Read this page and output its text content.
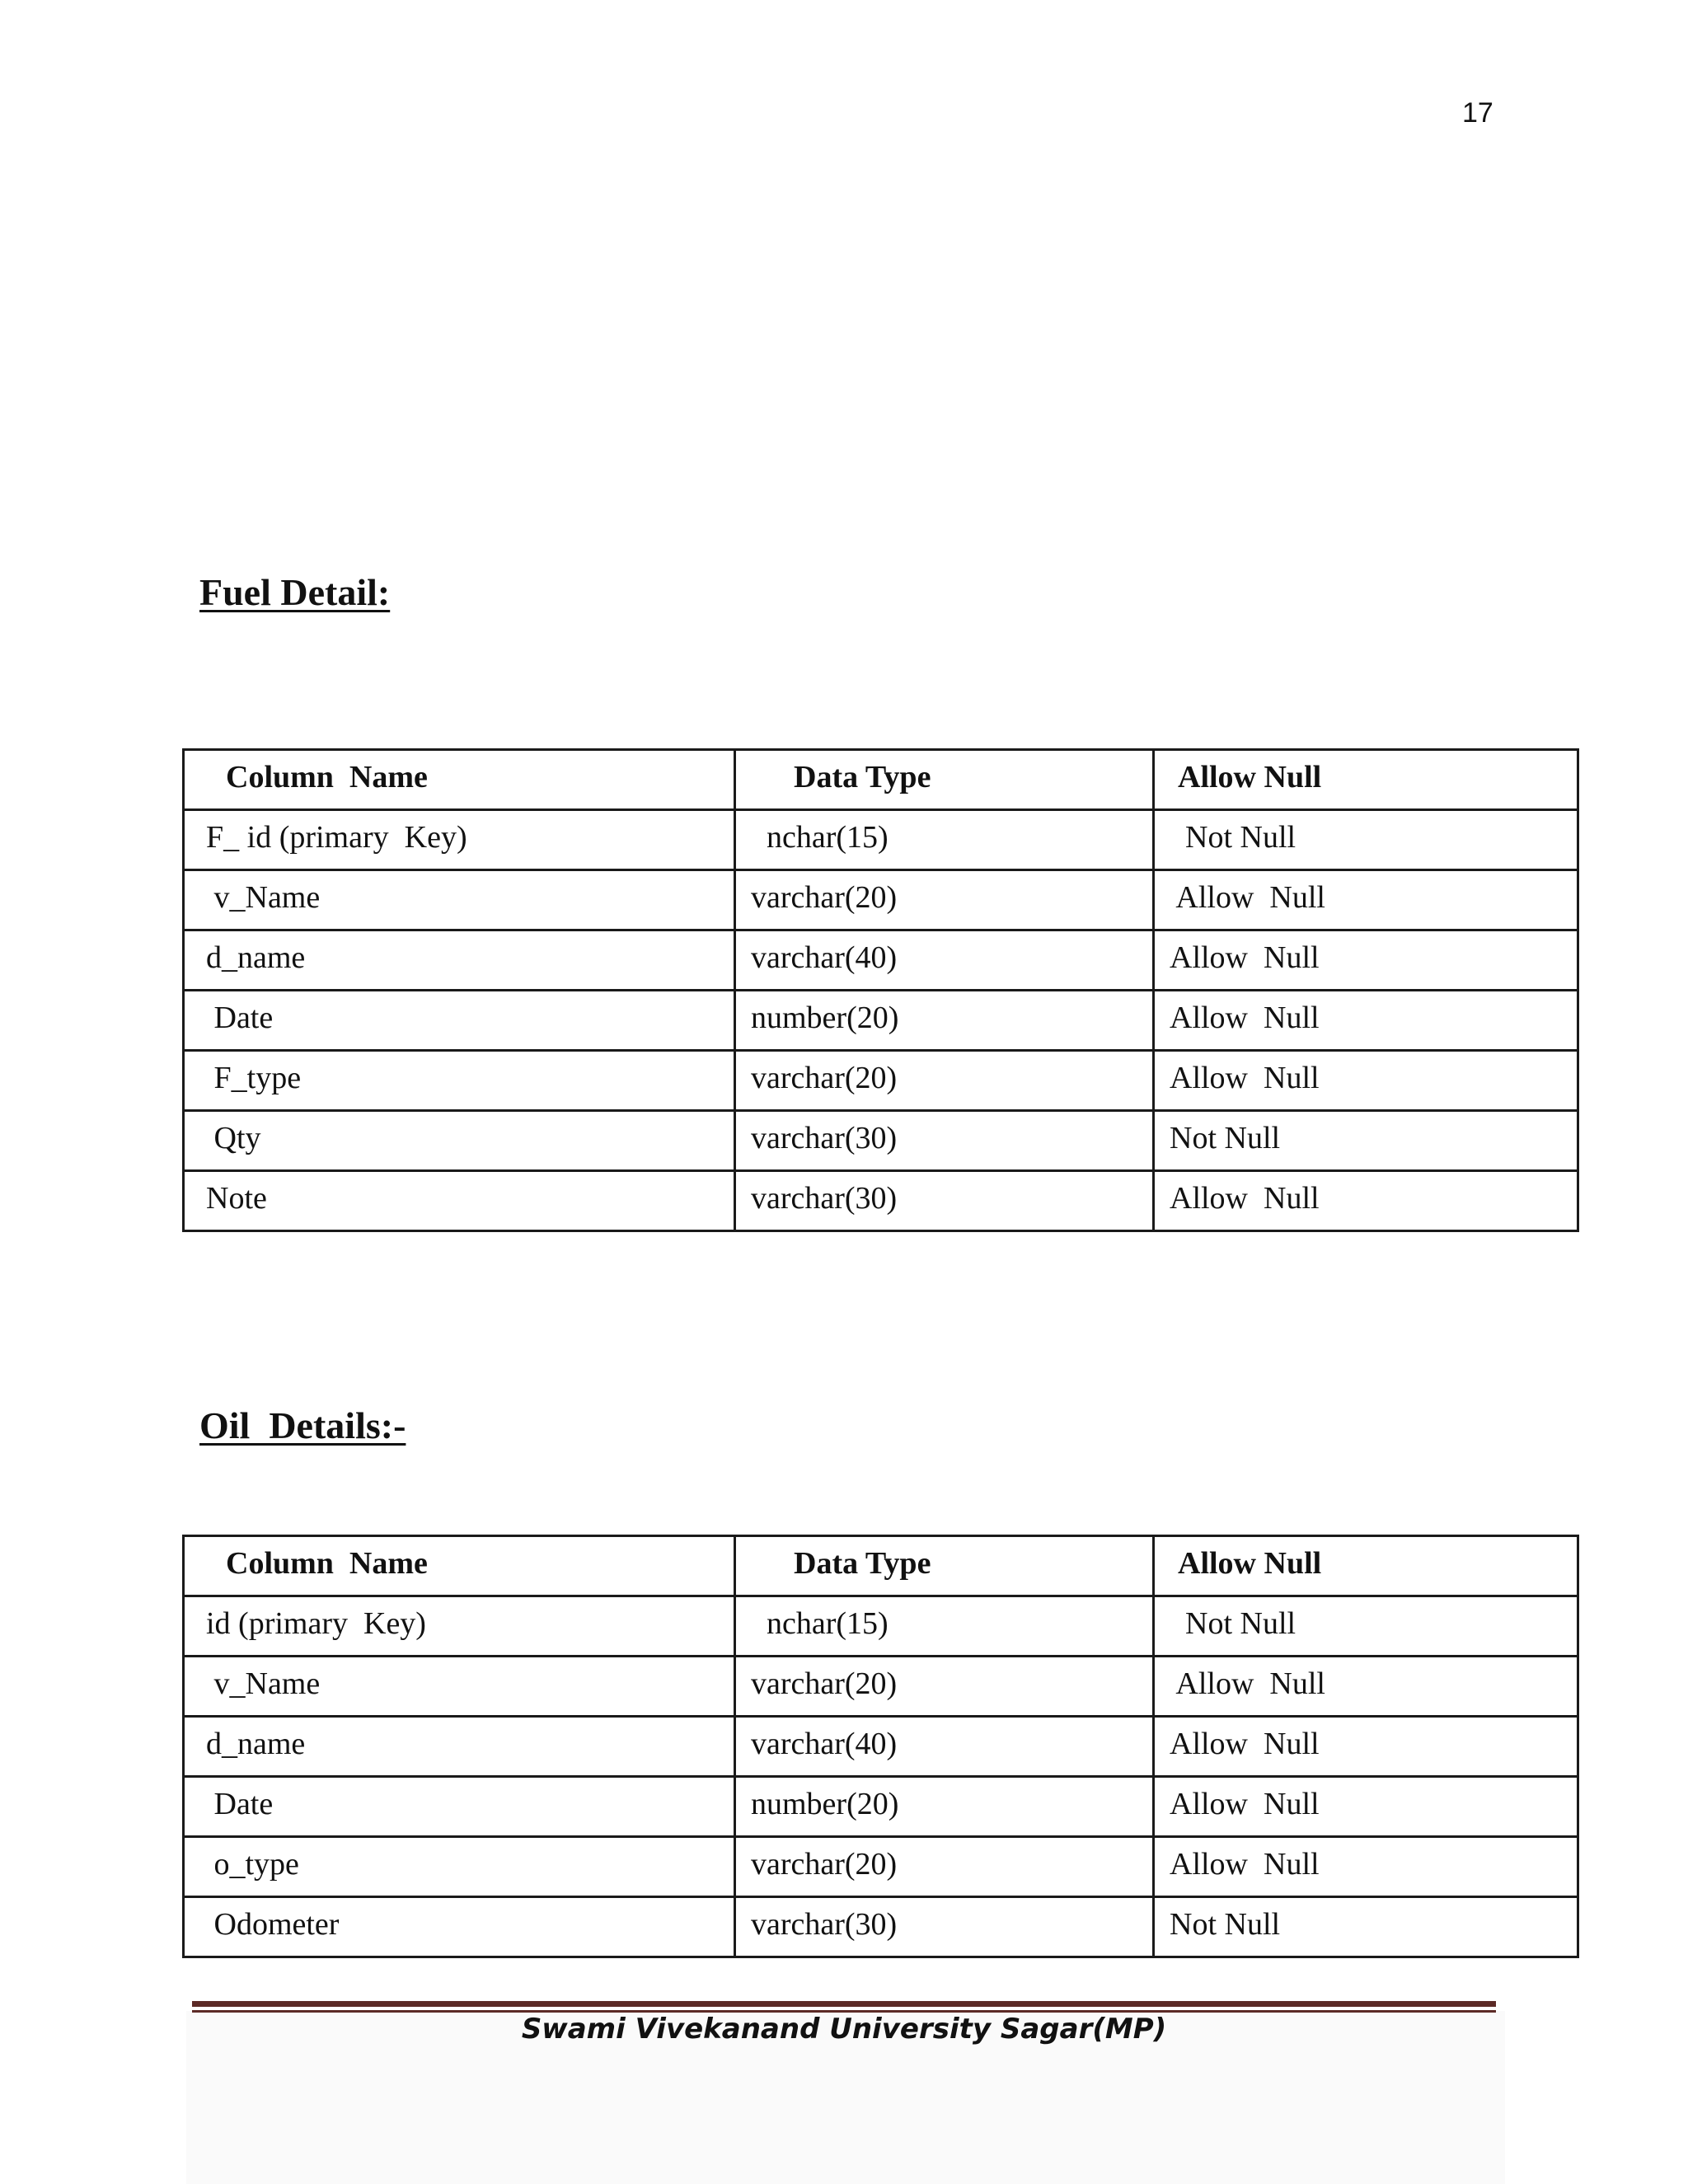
17
Fuel Detail:
Column  Name	Data Type	Allow Null
F_ id (primary  Key)	nchar(15)	Not Null
v_Name	varchar(20)	Allow  Null
d_name	varchar(40)	Allow  Null
Date	number(20)	Allow  Null
F_type	varchar(20)	Allow  Null
Qty	varchar(30)	Not Null
Note	varchar(30)	Allow  Null
Oil  Details:-
Column  Name	Data Type	Allow Null
id (primary  Key)	nchar(15)	Not Null
v_Name	varchar(20)	Allow  Null
d_name	varchar(40)	Allow  Null
Date	number(20)	Allow  Null
o_type	varchar(20)	Allow  Null
Odometer	varchar(30)	Not Null
Swami Vivekanand University Sagar(MP)
